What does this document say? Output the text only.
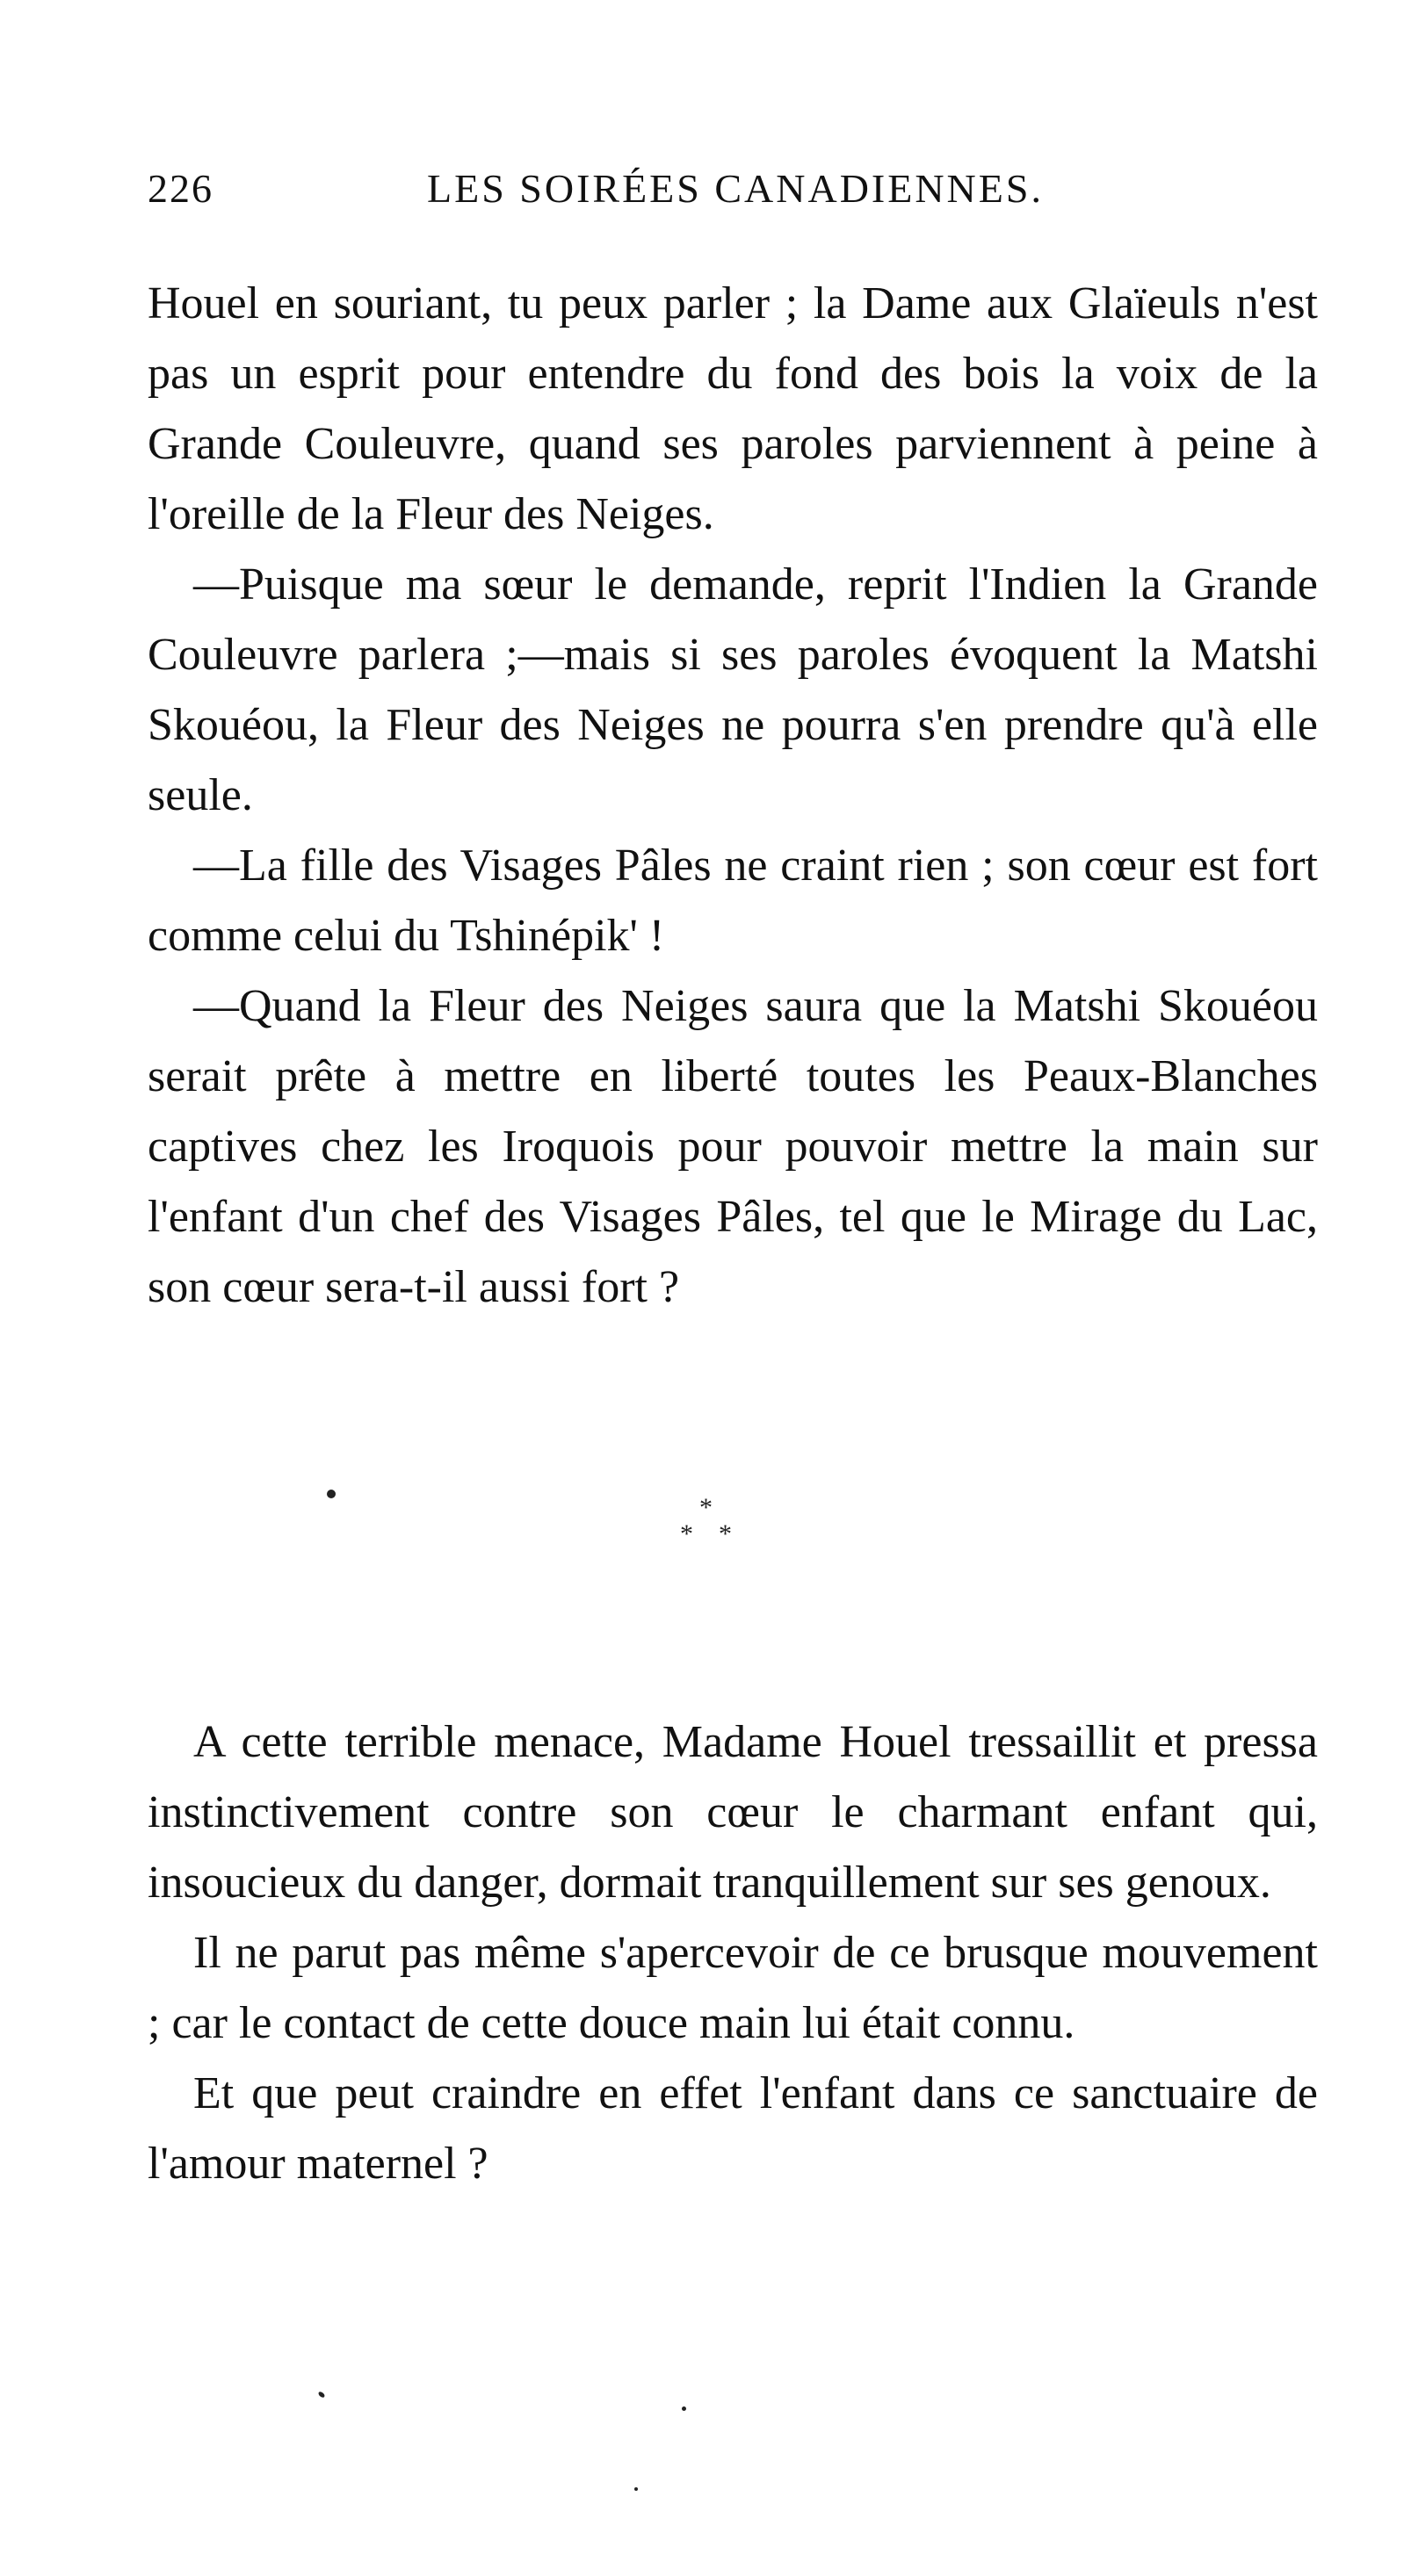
226	LES SOIRÉES CANADIENNES.

Houel en souriant, tu peux parler ; la Dame aux Glaïeuls n'est pas un esprit pour entendre du fond des bois la voix de la Grande Couleuvre, quand ses paroles parviennent à peine à l'oreille de la Fleur des Neiges.

—Puisque ma sœur le demande, reprit l'Indien la Grande Couleuvre parlera ;—mais si ses paroles évoquent la Matshi Skouéou, la Fleur des Neiges ne pourra s'en prendre qu'à elle seule.

—La fille des Visages Pâles ne craint rien ; son cœur est fort comme celui du Tshinépik' !

—Quand la Fleur des Neiges saura que la Matshi Skouéou serait prête à mettre en liberté toutes les Peaux-Blanches captives chez les Iroquois pour pouvoir mettre la main sur l'enfant d'un chef des Visages Pâles, tel que le Mirage du Lac, son cœur sera-t-il aussi fort ?

*
* *

A cette terrible menace, Madame Houel tressaillit et pressa instinctivement contre son cœur le charmant enfant qui, insoucieux du danger, dormait tranquillement sur ses genoux.

Il ne parut pas même s'apercevoir de ce brusque mouvement ; car le contact de cette douce main lui était connu.

Et que peut craindre en effet l'enfant dans ce sanctuaire de l'amour maternel ?
